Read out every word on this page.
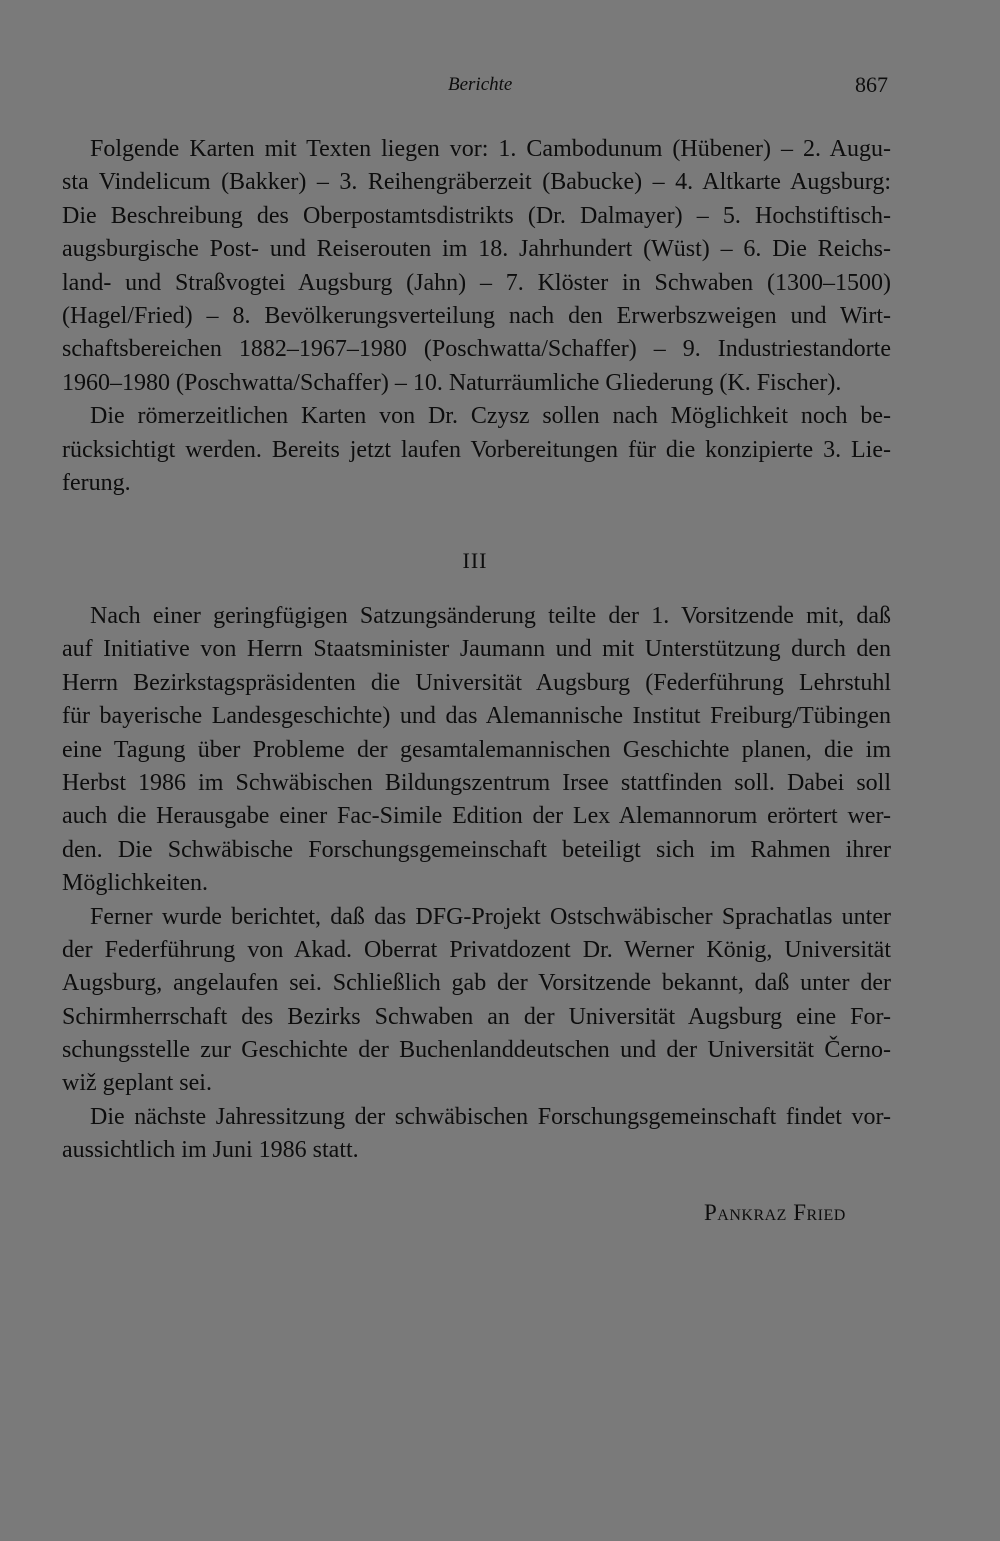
Berichte	867
Folgende Karten mit Texten liegen vor: 1. Cambodunum (Hübener) – 2. Augu-
sta Vindelicum (Bakker) – 3. Reihengräberzeit (Babucke) – 4. Altkarte Augsburg:
Die Beschreibung des Oberpostamtsdistrikts (Dr. Dalmayer) – 5. Hochstiftisch-
augsburgische Post- und Reiserouten im 18. Jahrhundert (Wüst) – 6. Die Reichs-
land- und Straßvogtei Augsburg (Jahn) – 7. Klöster in Schwaben (1300–1500)
(Hagel/Fried) – 8. Bevölkerungsverteilung nach den Erwerbszweigen und Wirt-
schaftsbereichen 1882–1967–1980 (Poschwatta/Schaffer) – 9. Industriestandorte
1960–1980 (Poschwatta/Schaffer) – 10. Naturräumliche Gliederung (K. Fischer).
Die römerzeitlichen Karten von Dr. Czysz sollen nach Möglichkeit noch be-
rücksichtigt werden. Bereits jetzt laufen Vorbereitungen für die konzipierte 3. Lie-
ferung.
III
Nach einer geringfügigen Satzungsänderung teilte der 1. Vorsitzende mit, daß
auf Initiative von Herrn Staatsminister Jaumann und mit Unterstützung durch den
Herrn Bezirkstagspräsidenten die Universität Augsburg (Federführung Lehrstuhl
für bayerische Landesgeschichte) und das Alemannische Institut Freiburg/Tübingen
eine Tagung über Probleme der gesamtalemannischen Geschichte planen, die im
Herbst 1986 im Schwäbischen Bildungszentrum Irsee stattfinden soll. Dabei soll
auch die Herausgabe einer Fac-Simile Edition der Lex Alemannorum erörtert wer-
den. Die Schwäbische Forschungsgemeinschaft beteiligt sich im Rahmen ihrer
Möglichkeiten.
Ferner wurde berichtet, daß das DFG-Projekt Ostschwäbischer Sprachatlas unter
der Federführung von Akad. Oberrat Privatdozent Dr. Werner König, Universität
Augsburg, angelaufen sei. Schließlich gab der Vorsitzende bekannt, daß unter der
Schirmherrschaft des Bezirks Schwaben an der Universität Augsburg eine For-
schungsstelle zur Geschichte der Buchenlanddeutschen und der Universität Černo-
wiž geplant sei.
Die nächste Jahressitzung der schwäbischen Forschungsgemeinschaft findet vor-
aussichtlich im Juni 1986 statt.
Pankraz Fried
